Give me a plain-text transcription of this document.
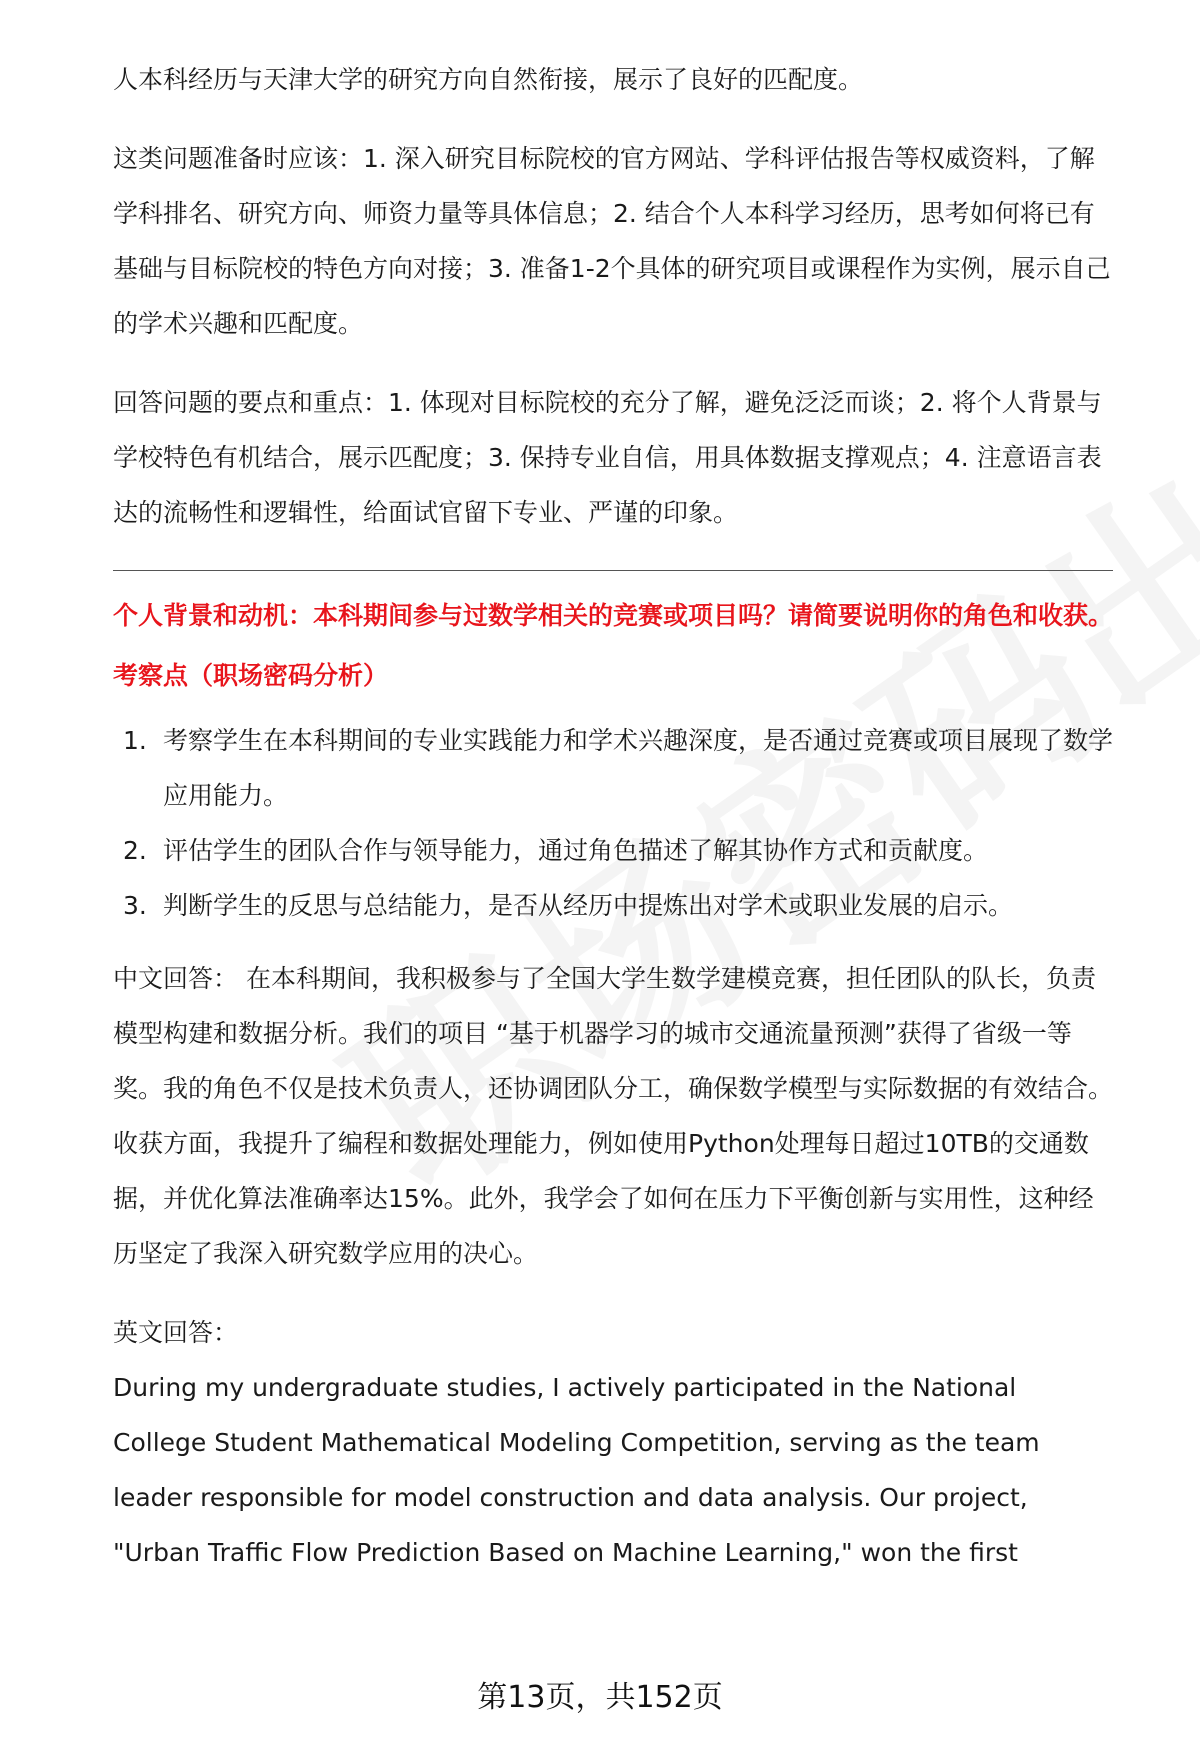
人本科经历与天津大学的研究方向自然衔接，展示了良好的匹配度。

这类问题准备时应该：1. 深入研究目标院校的官方网站、学科评估报告等权威资料，了解学科排名、研究方向、师资力量等具体信息；2. 结合个人本科学习经历，思考如何将已有基础与目标院校的特色方向对接；3. 准备1-2个具体的研究项目或课程作为实例，展示自己的学术兴趣和匹配度。

回答问题的要点和重点：1. 体现对目标院校的充分了解，避免泛泛而谈；2. 将个人背景与学校特色有机结合，展示匹配度；3. 保持专业自信，用具体数据支撑观点；4. 注意语言表达的流畅性和逻辑性，给面试官留下专业、严谨的印象。

个人背景和动机：本科期间参与过数学相关的竞赛或项目吗？请简要说明你的角色和收获。

考察点（职场密码分析）

1. 考察学生在本科期间的专业实践能力和学术兴趣深度，是否通过竞赛或项目展现了数学应用能力。
2. 评估学生的团队合作与领导能力，通过角色描述了解其协作方式和贡献度。
3. 判断学生的反思与总结能力，是否从经历中提炼出对学术或职业发展的启示。

中文回答： 在本科期间，我积极参与了全国大学生数学建模竞赛，担任团队的队长，负责模型构建和数据分析。我们的项目 “基于机器学习的城市交通流量预测”获得了省级一等奖。我的角色不仅是技术负责人，还协调团队分工，确保数学模型与实际数据的有效结合。收获方面，我提升了编程和数据处理能力，例如使用Python处理每日超过10TB的交通数据，并优化算法准确率达15%。此外，我学会了如何在压力下平衡创新与实用性，这种经历坚定了我深入研究数学应用的决心。

英文回答：

During my undergraduate studies, I actively participated in the National College Student Mathematical Modeling Competition, serving as the team leader responsible for model construction and data analysis. Our project, "Urban Traffic Flow Prediction Based on Machine Learning," won the first

第13页，共152页
